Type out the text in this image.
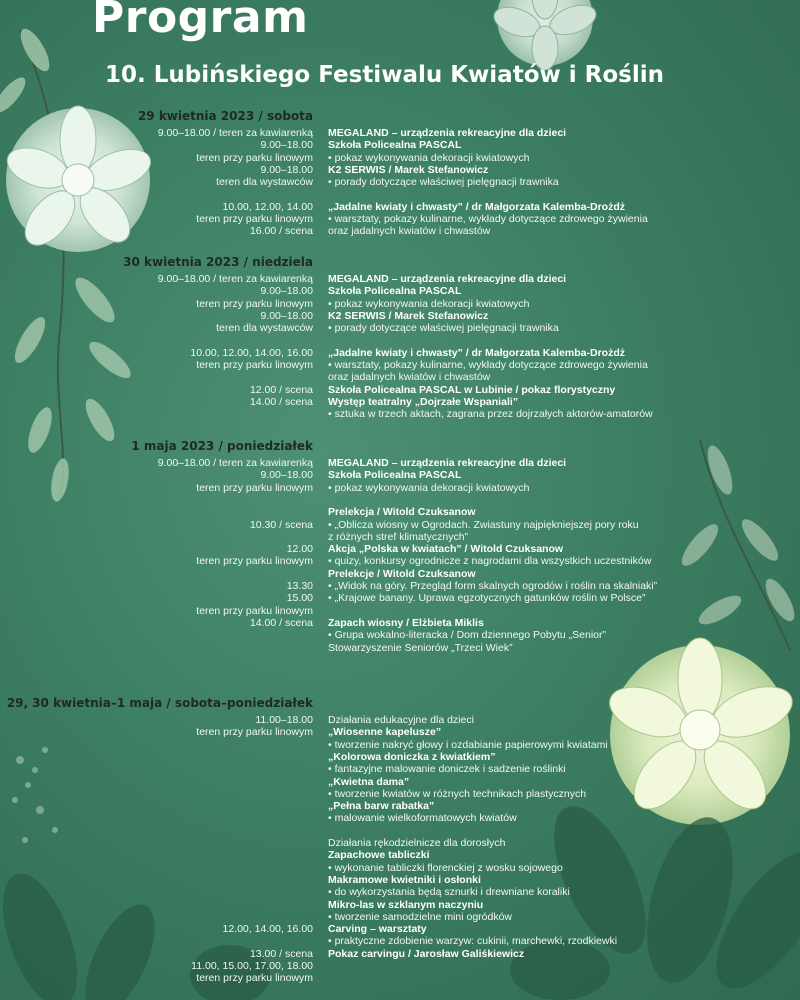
Program
10. Lubińskiego Festiwalu Kwiatów i Roślin
29 kwietnia 2023 / sobota
9.00–18.00 / teren za kawiarenką MEGALAND – urządzenia rekreacyjne dla dzieci
9.00–18.00 Szkoła Policealna PASCAL
teren przy parku linowym • pokaz wykonywania dekoracji kwiatowych
9.00–18.00 K2 SERWIS / Marek Stefanowicz
teren dla wystawców • porady dotyczące właściwej pielęgnacji trawnika
10.00, 12.00, 14.00 „Jadalne kwiaty i chwasty” / dr Małgorzata Kalemba-Drożdż
teren przy parku linowym • warsztaty, pokazy kulinarne, wykłady dotyczące zdrowego żywienia
16.00 / scena oraz jadalnych kwiatów i chwastów
30 kwietnia 2023 / niedziela
9.00–18.00 / teren za kawiarenką MEGALAND – urządzenia rekreacyjne dla dzieci
9.00–18.00 Szkoła Policealna PASCAL
teren przy parku linowym • pokaz wykonywania dekoracji kwiatowych
9.00–18.00 K2 SERWIS / Marek Stefanowicz
teren dla wystawców • porady dotyczące właściwej pielęgnacji trawnika
10.00, 12.00, 14.00, 16.00 „Jadalne kwiaty i chwasty” / dr Małgorzata Kalemba-Drożdż
teren przy parku linowym • warsztaty, pokazy kulinarne, wykłady dotyczące zdrowego żywienia
oraz jadalnych kwiatów i chwastów
12.00 / scena Szkoła Policealna PASCAL w Lubinie / pokaz florystyczny
14.00 / scena Występ teatralny „Dojrzałe Wspaniali”
• sztuka w trzech aktach, zagrana przez dojrzałych aktorów-amatorów
1 maja 2023 / poniedziałek
9.00–18.00 / teren za kawiarenką MEGALAND – urządzenia rekreacyjne dla dzieci
9.00–18.00 Szkoła Policealna PASCAL
teren przy parku linowym • pokaz wykonywania dekoracji kwiatowych
Prelekcja / Witold Czuksanow
10.30 / scena • „Oblicza wiosny w Ogrodach. Zwiastuny najpiękniejszej pory roku
z różnych stref klimatycznych”
12.00 Akcja „Polska w kwiatach” / Witold Czuksanow
teren przy parku linowym • quizy, konkursy ogrodnicze z nagrodami dla wszystkich uczestników
Prelekcje / Witold Czuksanow
13.30 • „Widok na góry. Przegląd form skalnych ogrodów i roślin na skalniaki”
15.00 • „Krajowe banany. Uprawa egzotycznych gatunków roślin w Polsce”
teren przy parku linowym
14.00 / scena Zapach wiosny / Elżbieta Miklis
• Grupa wokalno-literacka / Dom dziennego Pobytu „Senior”
Stowarzyszenie Seniorów „Trzeci Wiek”
29, 30 kwietnia–1 maja / sobota–poniedziałek
11.00–18.00 Działania edukacyjne dla dzieci
teren przy parku linowym „Wiosenne kapelusze”
• tworzenie nakryć głowy i ozdabianie papierowymi kwiatami
„Kolorowa doniczka z kwiatkiem”
• fantazyjne malowanie doniczek i sadzenie roślinki
„Kwietna dama”
• tworzenie kwiatów w różnych technikach plastycznych
„Pełna barw rabatka”
• malowanie wielkoformatowych kwiatów
Działania rękodzielnicze dla dorosłych
Zapachowe tabliczki
• wykonanie tabliczki florenckiej z wosku sojowego
Makramowe kwietniki i osłonki
• do wykorzystania będą sznurki i drewniane koraliki
Mikro-las w szklanym naczyniu
• tworzenie samodzielne mini ogródków
12.00, 14.00, 16.00 Carving – warsztaty
• praktyczne zdobienie warzyw: cukinii, marchewki, rzodkiewki
13.00 / scena Pokaz carvingu / Jarosław Galiśkiewicz
11.00, 15.00, 17.00, 18.00
teren przy parku linowym
